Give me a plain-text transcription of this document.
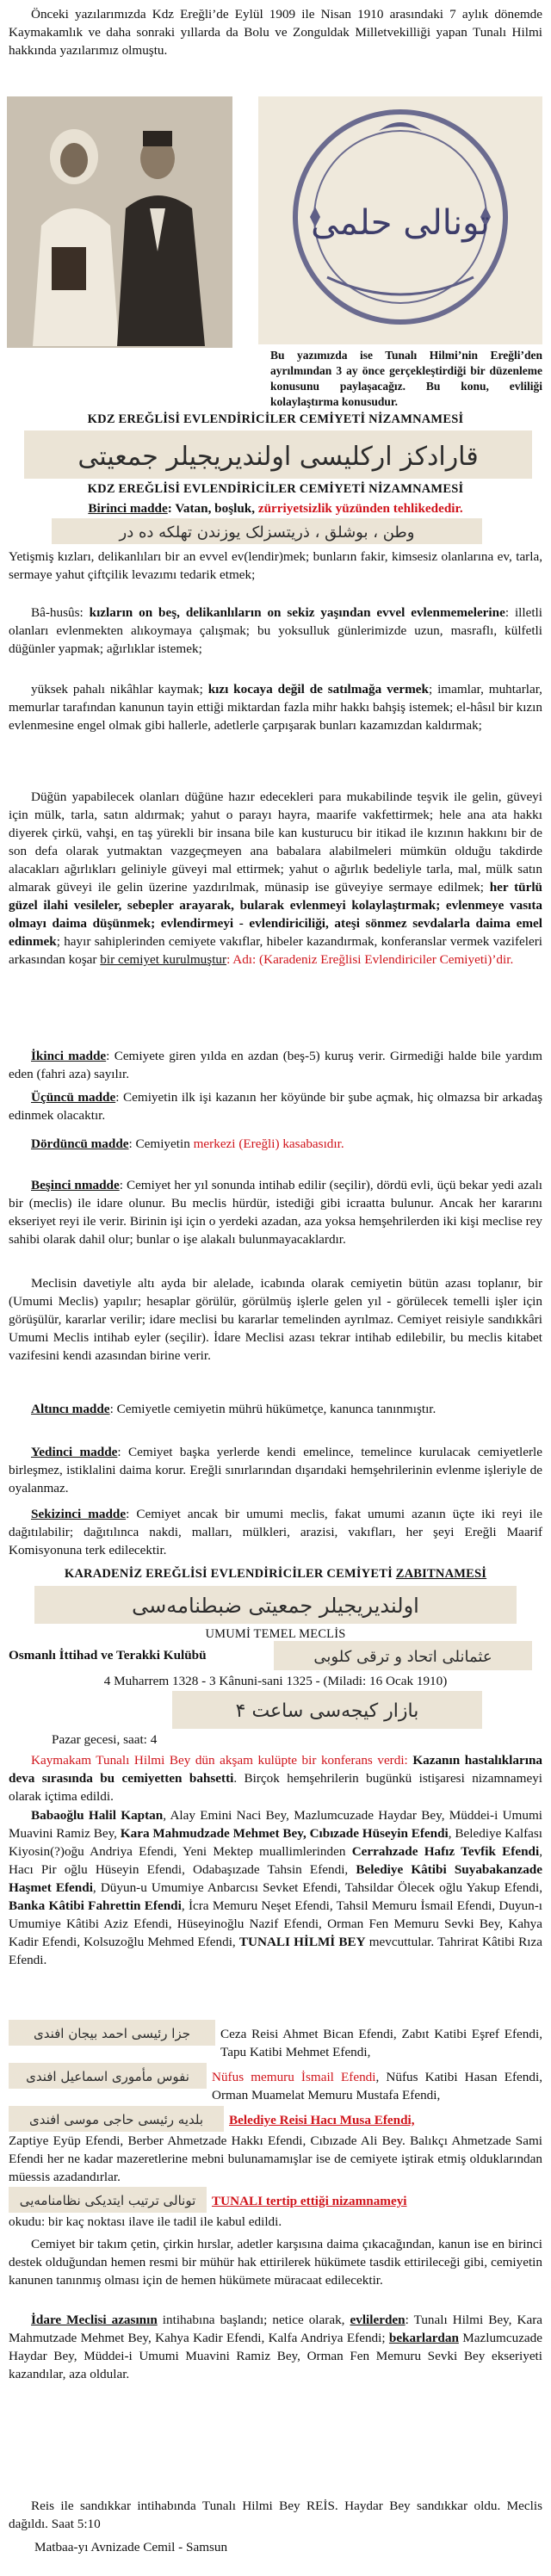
Önceki yazılarımızda Kdz Ereğli’de Eylül 1909 ile Nisan 1910 arasındaki 7 aylık dönemde Kaymakamlık ve daha sonraki yıllarda da Bolu ve Zonguldak Milletvekilliği yapan Tunalı Hilmi hakkında yazılarımız olmuştu.

تونالی حلمی
Bu yazımızda ise Tunalı Hilmi’nin Ereğli’den ayrılmından 3 ay önce gerçekleştirdiği bir düzenleme konusunu paylaşacağız. Bu konu, evliliği kolaylaştırma konusudur.
KDZ EREĞLİSİ EVLENDİRİCİLER CEMİYETİ NİZAMNAMESİ
قارادکز ارکلیسی اولندیریجیلر جمعیتی
KDZ EREĞLİSİ EVLENDİRİCİLER CEMİYETİ NİZAMNAMESİ

Birinci madde: Vatan, boşluk, zürriyetsizlik yüzünden tehlikededir.

وطن ، بوشلق ، ذریتسزلک یوزندن تهلکه ده در

Yetişmiş kızları, delikanlıları bir an evvel ev(lendir)mek; bunların fakir, kimsesiz olanlarına ev, tarla, sermaye yahut çiftçilik levazımı tedarik etmek;

Bâ-husûs: kızların on beş, delikanlıların on sekiz yaşından evvel evlenmemelerine: illetli olanları evlenmekten alıkoymaya çalışmak; bu yoksulluk günlerimizde uzun, masraflı, külfetli düğünler yapmak; ağırlıklar istemek;

yüksek pahalı nikâhlar kaymak; kızı kocaya değil de satılmağa vermek; imamlar, muhtarlar, memurlar tarafından kanunun tayin ettiği miktardan fazla mihr hakkı bahşiş istemek; el-hâsıl bir kızın evlenmesine engel olmak gibi hallerle, adetlerle çarpışarak bunları kazamızdan kaldırmak;

Düğün yapabilecek olanları düğüne hazır edecekleri para mukabilinde teşvik ile gelin, güveyi için mülk, tarla, satın aldırmak; yahut o parayı hayra, maarife vakfettirmek; hele ana ata hakkı diyerek çirkü, vahşi, en taş yürekli bir insana bile kan kusturucu bir itikad ile kızının hakkını bir de son defa olarak yutmaktan vazgeçmeyen ana babalara alabilmeleri mümkün olduğu takdirde alacakları ağırlıkları geliniyle güveyi mal ettirmek; yahut o ağırlık bedeliyle tarla, mal, mülk satın almarak güveyi ile gelin üzerine yazdırılmak, münasip ise güveyiye sermaye edilmek; her türlü güzel ilahi vesileler, sebepler arayarak, bularak evlenmeyi kolaylaştırmak; evlenmeye vasıta olmayı daima düşünmek; evlendirmeyi - evlendiriciliği, ateşi sönmez sevdalarla daima emel edinmek; hayır sahiplerinden cemiyete vakıflar, hibeler kazandırmak, konferanslar vermek vazifeleri arkasından koşar bir cemiyet kurulmuştur: Adı: (Karadeniz Ereğlisi Evlendiriciler Cemiyeti)’dir.

İkinci madde: Cemiyete giren yılda en azdan (beş-5) kuruş verir. Girmediği halde bile yardım eden (fahri aza) sayılır.

Üçüncü madde: Cemiyetin ilk işi kazanın her köyünde bir şube açmak, hiç olmazsa bir arkadaş edinmek olacaktır.

Dördüncü madde: Cemiyetin merkezi (Ereğli) kasabasıdır.

Beşinci nmadde: Cemiyet her yıl sonunda intihab edilir (seçilir), dördü evli, üçü bekar yedi azalı bir (meclis) ile idare olunur. Bu meclis hürdür, istediği gibi icraatta bulunur. Ancak her kararını ekseriyet reyi ile verir. Birinin işi için o yerdeki azadan, aza yoksa hemşehrilerden iki kişi meclise rey sahibi olarak dahil olur; bunlar o işe alakalı bulunmayacaklardır.

Meclisin davetiyle altı ayda bir alelade, icabında olarak cemiyetin bütün azası toplanır, bir (Umumi Meclis) yapılır; hesaplar görülür, görülmüş işlerle gelen yıl - görülecek temelli işler için görüşülür, kararlar verilir; idare meclisi bu kararlar temelinden ayrılmaz. Cemiyet reisiyle sandıkkâri Umumi Meclis intihab eyler (seçilir). İdare Meclisi azası tekrar intihab edilebilir, bu meclis kitabet vazifesini kendi azasından birine verir.

Altıncı madde: Cemiyetle cemiyetin mührü hükümetçe, kanunca tanınmıştır.

Yedinci madde: Cemiyet başka yerlerde kendi emelince, temelince kurulacak cemiyetlerle birleşmez, istiklalini daima korur. Ereğli sınırlarından dışarıdaki hemşehrilerinin evlenme işleriyle de oyalanmaz.

Sekizinci madde: Cemiyet ancak bir umumi meclis, fakat umumi azanın üçte iki reyi ile dağıtılabilir; dağıtılınca nakdi, malları, mülkleri, arazisi, vakıfları, her şeyi Ereğli Maarif Komisyonuna terk edilecektir.

KARADENİZ EREĞLİSİ EVLENDİRİCİLER CEMİYETİ ZABITNAMESİ
اولندیریجیلر جمعیتی ضبطنامه‌سی
UMUMİ TEMEL MECLİS

Osmanlı İttihad ve Terakki Kulübü	عثمانلی اتحاد و ترقی کلوبی

4 Muharrem 1328 - 3 Kânuni-sani 1325 - (Miladi: 16 Ocak 1910)

بازار کیجه‌سی ساعت ۴

Pazar gecesi, saat: 4

Kaymakam Tunalı Hilmi Bey dün akşam kulüpte bir konferans verdi: Kazanın hastalıklarına deva sırasında bu cemiyetten bahsetti. Birçok hemşehrilerin bugünkü istişaresi nizamnameyi olarak içtima edildi.

Babaoğlu Halil Kaptan, Alay Emini Naci Bey, Mazlumcuzade Haydar Bey, Müddei-i Umumi Muavini Ramiz Bey, Kara Mahmudzade Mehmet Bey, Cıbızade Hüseyin Efendi, Belediye Kalfası Kiyosin(?)oğu Andriya Efendi, Yeni Mektep muallimlerinden Cerrahzade Hafız Tevfik Efendi, Hacı Pir oğlu Hüseyin Efendi, Odabaşızade Tahsin Efendi, Belediye Kâtibi Suyabakanzade Haşmet Efendi, Düyun-u Umumiye Anbarcısı Sevket Efendi, Tahsildar Ölecek oğlu Yakup Efendi, Banka Kâtibi Fahrettin Efendi, İcra Memuru Neşet Efendi, Tahsil Memuru İsmail Efendi, Duyun-ı Umumiye Kâtibi Aziz Efendi, Hüseyinoğlu Nazif Efendi, Orman Fen Memuru Sevki Bey, Kahya Kadir Efendi, Kolsuzoğlu Mehmed Efendi, TUNALI HİLMİ BEY mevcuttular. Tahrirat Kâtibi Rıza Efendi.

جزا رئیسی احمد بیجان افندی Ceza Reisi Ahmet Bican Efendi, Zabıt Katibi Eşref Efendi, Tapu Katibi Mehmet Efendi,

نفوس مأموری اسماعیل افندی Nüfus memuru İsmail Efendi, Nüfus Katibi Hasan Efendi, Orman Muamelat Memuru Mustafa Efendi,

بلدیه رئیسی حاجی موسی افندی Belediye Reisi Hacı Musa Efendi,

Zaptiye Eyüp Efendi, Berber Ahmetzade Hakkı Efendi, Cıbızade Ali Bey. Balıkçı Ahmetzade Sami Efendi her ne kadar mazeretlerine mebni bulunamamışlar ise de cemiyete iştirak etmiş olduklarından müessis azadandırlar.

تونالی ترتیب ایتدیکی نظامنامه‌یی TUNALI tertip ettiği nizamnameyi

okudu: bir kaç noktası ilave ile tadil ile kabul edildi.

Cemiyet bir takım çetin, çirkin hırslar, adetler karşısına daima çıkacağından, kanun ise en birinci destek olduğundan hemen resmi bir mühür hak ettirilerek hükümete tasdik ettirileceği gibi, cemiyetin kanunen tanınmış olması için de hemen hükümete müracaat edilecektir.

İdare Meclisi azasının intihabına başlandı; netice olarak, evlilerden: Tunalı Hilmi Bey, Kara Mahmutzade Mehmet Bey, Kahya Kadir Efendi, Kalfa Andriya Efendi; bekarlardan Mazlumcuzade Haydar Bey, Müddei-i Umumi Muavini Ramiz Bey, Orman Fen Memuru Sevki Bey ekseriyeti kazandılar, aza oldular.

Reis ile sandıkkar intihabında Tunalı Hilmi Bey REİS. Haydar Bey sandıkkar oldu. Meclis dağıldı. Saat 5:10

Matbaa-yı Avnizade Cemil - Samsun
